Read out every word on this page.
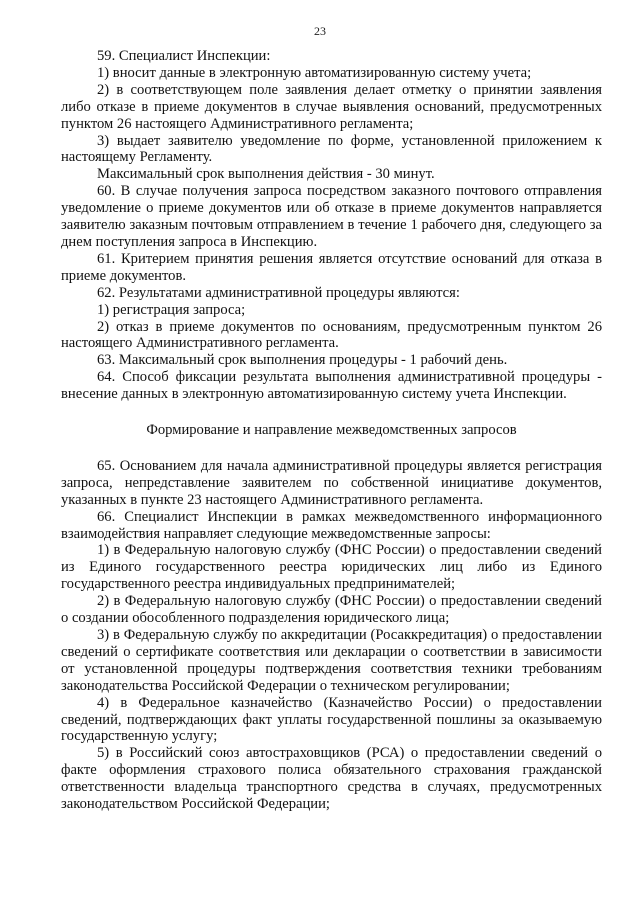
23

59. Специалист Инспекции:

1) вносит данные в электронную автоматизированную систему учета;

2) в соответствующем поле заявления делает отметку о принятии заявления либо отказе в приеме документов в случае выявления оснований, предусмотренных пунктом 26 настоящего Административного регламента;

3) выдает заявителю уведомление по форме, установленной приложением к настоящему Регламенту.

Максимальный срок выполнения действия - 30 минут.

60. В случае получения запроса посредством заказного почтового отправления уведомление о приеме документов или об отказе в приеме документов направляется заявителю заказным почтовым отправлением в течение 1 рабочего дня, следующего за днем поступления запроса в Инспекцию.

61. Критерием принятия решения является отсутствие оснований для отказа в приеме документов.

62. Результатами административной процедуры являются:

1) регистрация запроса;

2) отказ в приеме документов по основаниям, предусмотренным пунктом 26 настоящего Административного регламента.

63. Максимальный срок выполнения процедуры - 1 рабочий день.

64. Способ фиксации результата выполнения административной процедуры - внесение данных в электронную автоматизированную систему учета Инспекции.

Формирование и направление межведомственных запросов

65. Основанием для начала административной процедуры является регистрация запроса, непредставление заявителем по собственной инициативе документов, указанных в пункте 23 настоящего Административного регламента.

66. Специалист Инспекции в рамках межведомственного информационного взаимодействия направляет следующие межведомственные запросы:

1) в Федеральную налоговую службу (ФНС России) о предоставлении сведений из Единого государственного реестра юридических лиц либо из Единого государственного реестра индивидуальных предпринимателей;

2) в Федеральную налоговую службу (ФНС России) о предоставлении сведений о создании обособленного подразделения юридического лица;

3) в Федеральную службу по аккредитации (Росаккредитация) о предоставлении сведений о сертификате соответствия или декларации о соответствии в зависимости от установленной процедуры подтверждения соответствия техники требованиям законодательства Российской Федерации о техническом регулировании;

4) в Федеральное казначейство (Казначейство России) о предоставлении сведений, подтверждающих факт уплаты государственной пошлины за оказываемую государственную услугу;

5) в Российский союз автостраховщиков (РСА) о предоставлении сведений о факте оформления страхового полиса обязательного страхования гражданской ответственности владельца транспортного средства в случаях, предусмотренных законодательством Российской Федерации;
